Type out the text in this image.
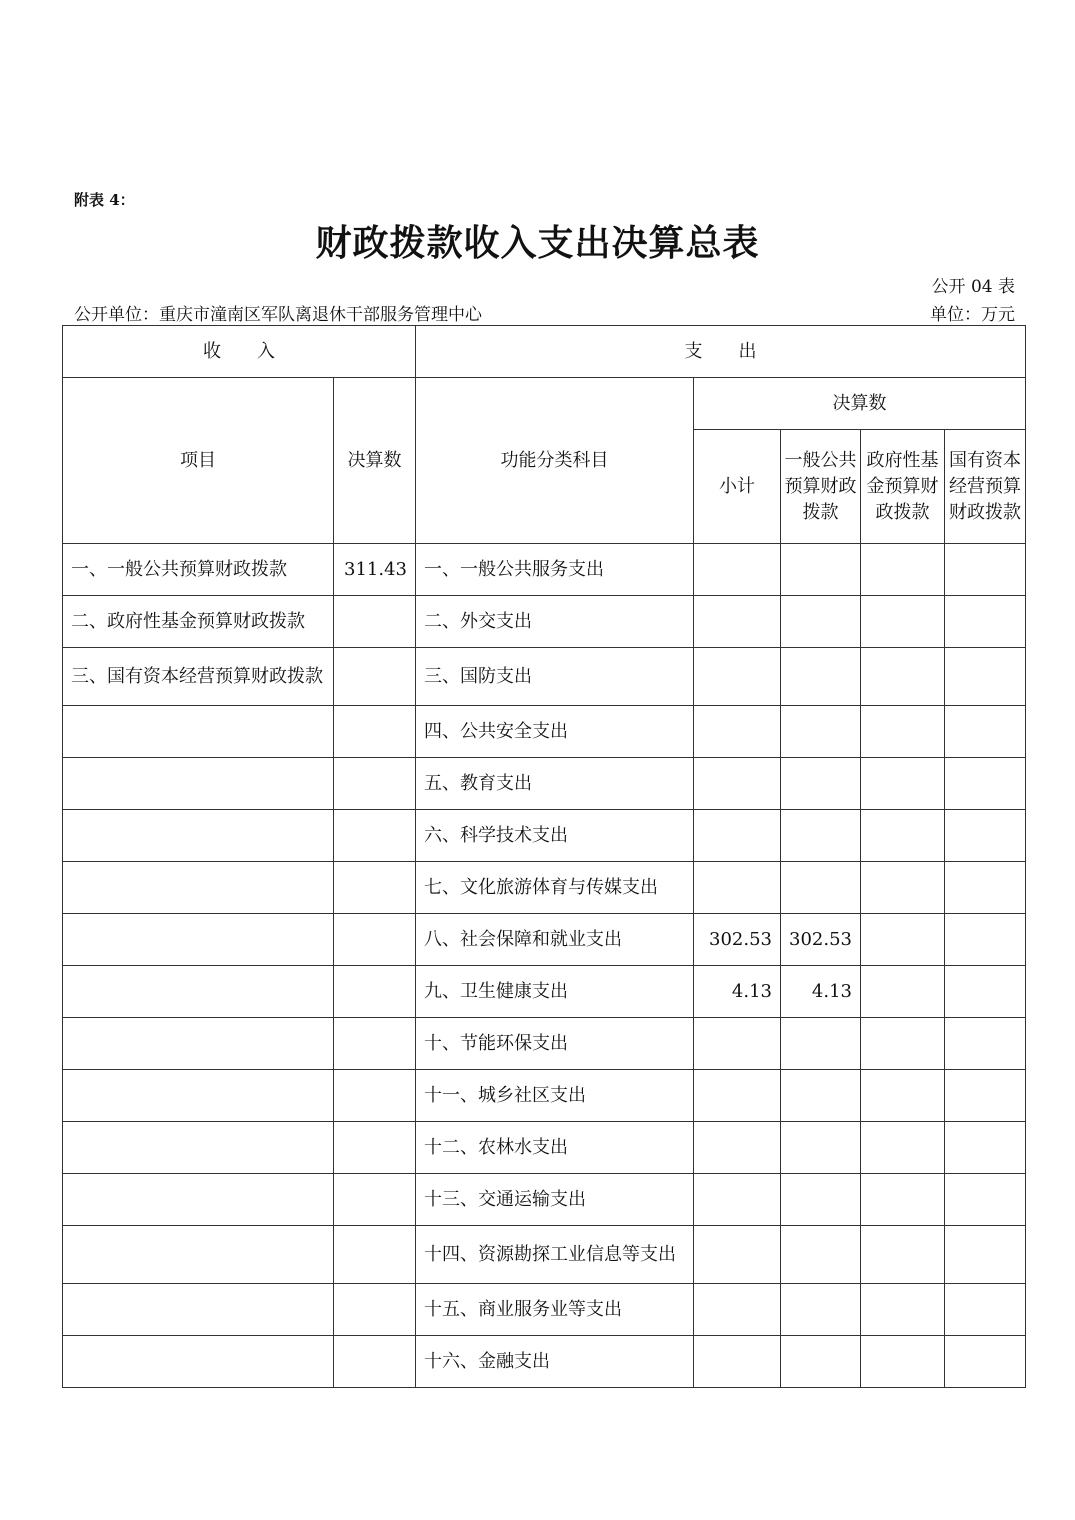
附表 4：
财政拨款收入支出决算总表
公开 04 表
公开单位：重庆市潼南区军队离退休干部服务管理中心	单位：万元
收　　入		支　　出				
项目	决算数	功能分类科目	决算数			
			小计	一般公共预算财政拨款	政府性基金预算财政拨款	国有资本经营预算财政拨款
一、一般公共预算财政拨款	311.43	一、一般公共服务支出				
二、政府性基金预算财政拨款		二、外交支出				
三、国有资本经营预算财政拨款		三、国防支出				
		四、公共安全支出				
		五、教育支出				
		六、科学技术支出				
		七、文化旅游体育与传媒支出				
		八、社会保障和就业支出	302.53	302.53		
		九、卫生健康支出	4.13	4.13		
		十、节能环保支出				
		十一、城乡社区支出				
		十二、农林水支出				
		十三、交通运输支出				
		十四、资源勘探工业信息等支出				
		十五、商业服务业等支出				
		十六、金融支出				
